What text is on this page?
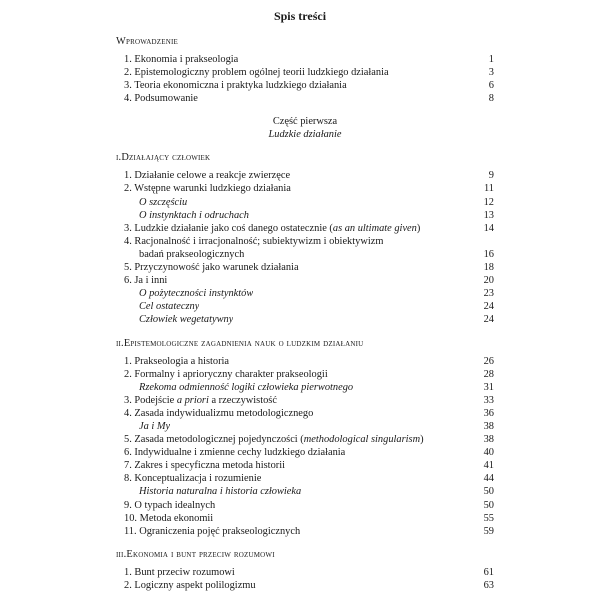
Spis treści
Wprowadzenie
1. Ekonomia i prakseologia	1
2. Epistemologiczny problem ogólnej teorii ludzkiego działania	3
3. Teoria ekonomiczna i praktyka ludzkiego działania	6
4. Podsumowanie	8
Część pierwsza
Ludzkie działanie
i.Działający człowiek
1. Działanie celowe a reakcje zwierzęce	9
2. Wstępne warunki ludzkiego działania	11
O szczęściu	12
O instynktach i odruchach	13
3. Ludzkie działanie jako coś danego ostatecznie (as an ultimate given)	14
4. Racjonalność i irracjonalność; subiektywizm i obiektywizm
badań prakseologicznych	16
5. Przyczynowość jako warunek działania	18
6. Ja i inni	20
O pożyteczności instynktów	23
Cel ostateczny	24
Człowiek wegetatywny	24
ii.Epistemologiczne zagadnienia nauk o ludzkim działaniu
1. Prakseologia a historia	26
2. Formalny i aprioryczny charakter prakseologii	28
Rzekoma odmienność logiki człowieka pierwotnego	31
3. Podejście a priori a rzeczywistość	33
4. Zasada indywidualizmu metodologicznego	36
Ja i My	38
5. Zasada metodologicznej pojedynczości (methodological singularism)	38
6. Indywidualne i zmienne cechy ludzkiego działania	40
7. Zakres i specyficzna metoda historii	41
8. Konceptualizacja i rozumienie	44
Historia naturalna i historia człowieka	50
9. O typach idealnych	50
10. Metoda ekonomii	55
11. Ograniczenia pojęć prakseologicznych	59
iii.Ekonomia i bunt przeciw rozumowi
1. Bunt przeciw rozumowi	61
2. Logiczny aspekt polilogizmu	63
